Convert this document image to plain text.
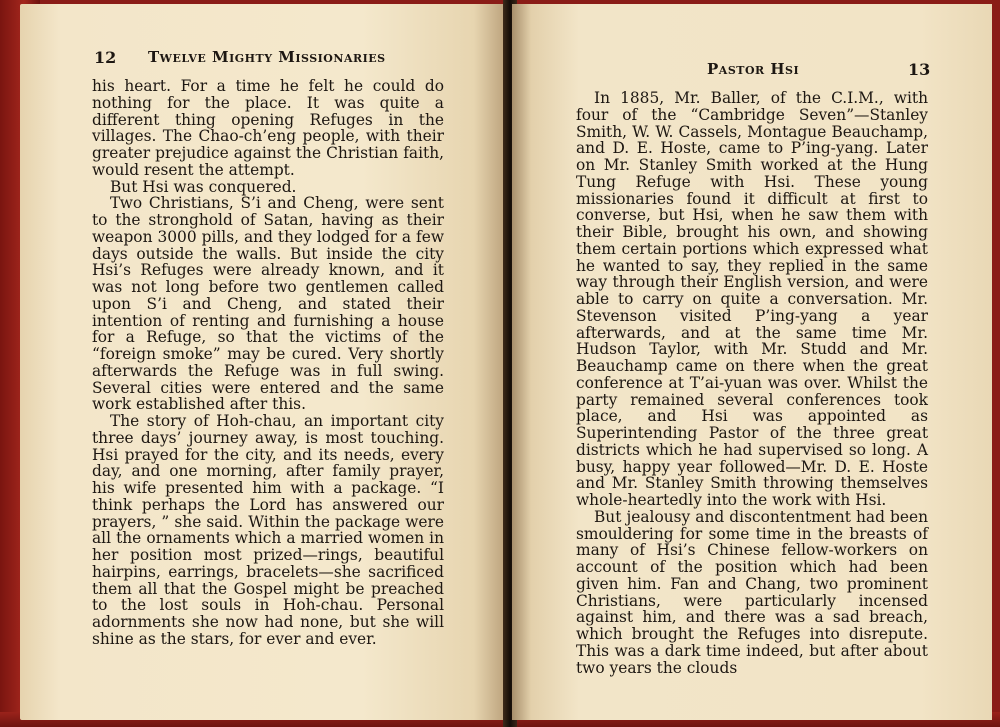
12 Twelve Mighty Missionaries

his heart. For a time he felt he could do nothing for the place. It was quite a different thing opening Refuges in the villages. The Chao-ch’eng people, with their greater prejudice against the Christian faith, would resent the attempt.

But Hsi was conquered.

Two Christians, S’i and Cheng, were sent to the stronghold of Satan, having as their weapon 3000 pills, and they lodged for a few days outside the walls. But inside the city Hsi’s Refuges were already known, and it was not long before two gentlemen called upon S’i and Cheng, and stated their intention of renting and furnishing a house for a Refuge, so that the victims of the “foreign smoke” may be cured. Very shortly afterwards the Refuge was in full swing. Several cities were entered and the same work established after this.

The story of Hoh-chau, an important city three days’ journey away, is most touching. Hsi prayed for the city, and its needs, every day, and one morning, after family prayer, his wife presented him with a package. “I think perhaps the Lord has answered our prayers, ” she said. Within the package were all the ornaments which a married women in her position most prized—rings, beautiful hairpins, earrings, bracelets—she sacrificed them all that the Gospel might be preached to the lost souls in Hoh-chau. Personal adornments she now had none, but she will shine as the stars, for ever and ever.

Pastor Hsi	13

In 1885, Mr. Baller, of the C.I.M., with four of the “Cambridge Seven”—Stanley Smith, W. W. Cassels, Montague Beauchamp, and D. E. Hoste, came to P’ing-yang. Later on Mr. Stanley Smith worked at the Hung Tung Refuge with Hsi. These young missionaries found it difficult at first to converse, but Hsi, when he saw them with their Bible, brought his own, and showing them certain portions which expressed what he wanted to say, they replied in the same way through their English version, and were able to carry on quite a conversation. Mr. Stevenson visited P’ing-yang a year afterwards, and at the same time Mr. Hudson Taylor, with Mr. Studd and Mr. Beauchamp came on there when the great conference at T’ai-yuan was over. Whilst the party remained several conferences took place, and Hsi was appointed as Superintending Pastor of the three great districts which he had supervised so long. A busy, happy year followed—Mr. D. E. Hoste and Mr. Stanley Smith throwing themselves whole-heartedly into the work with Hsi.

But jealousy and discontentment had been smouldering for some time in the breasts of many of Hsi’s Chinese fellow-workers on account of the position which had been given him. Fan and Chang, two prominent Christians, were particularly incensed against him, and there was a sad breach, which brought the Refuges into disrepute. This was a dark time indeed, but after about two years the clouds
